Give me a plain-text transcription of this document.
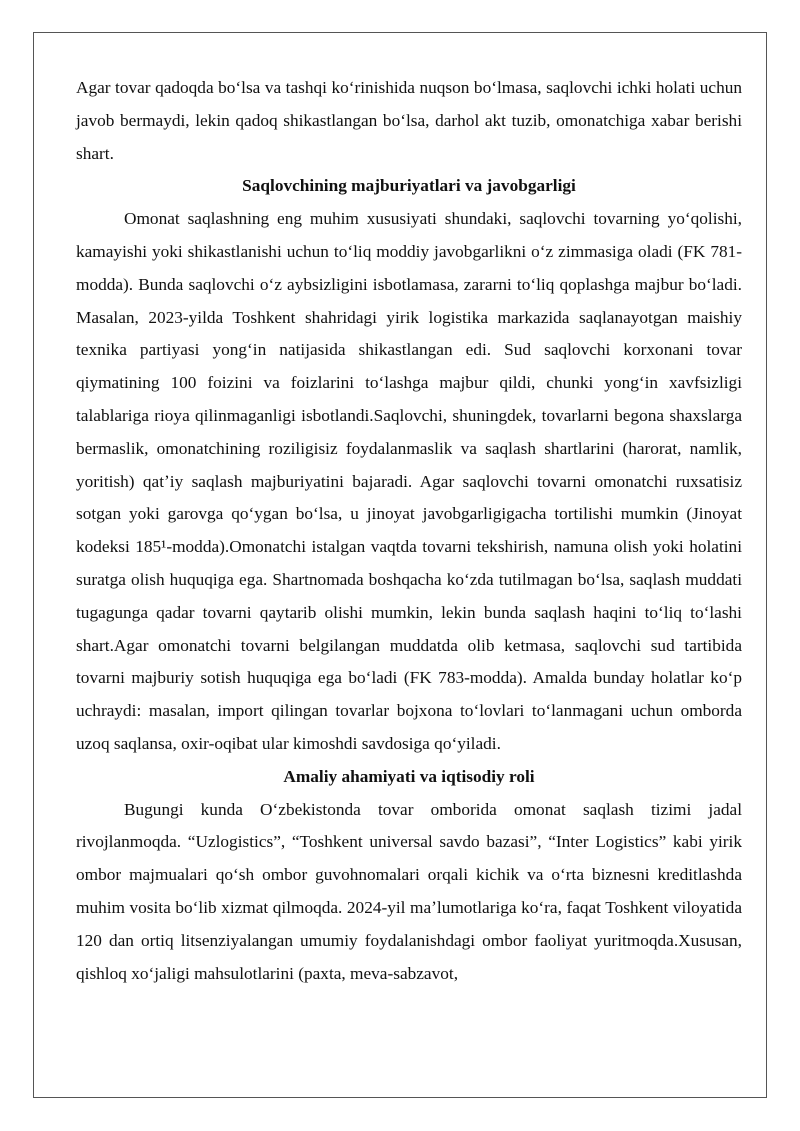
Agar tovar qadoqda boʻlsa va tashqi koʻrinishida nuqson boʻlmasa, saqlovchi ichki holati uchun javob bermaydi, lekin qadoq shikastlangan boʻlsa, darhol akt tuzib, omonatchiga xabar berishi shart.

Saqlovchining majburiyatlari va javobgarligi

Omonat saqlashning eng muhim xususiyati shundaki, saqlovchi tovarning yoʻqolishi, kamayishi yoki shikastlanishi uchun toʻliq moddiy javobgarlikni oʻz zimmasiga oladi (FK 781-modda). Bunda saqlovchi oʻz aybsizligini isbotlamasa, zararni toʻliq qoplashga majbur boʻladi. Masalan, 2023-yilda Toshkent shahridagi yirik logistika markazida saqlanayotgan maishiy texnika partiyasi yongʻin natijasida shikastlangan edi. Sud saqlovchi korxonani tovar qiymatining 100 foizini va foizlarini toʻlashga majbur qildi, chunki yongʻin xavfsizligi talablariga rioya qilinmaganligi isbotlandi.Saqlovchi, shuningdek, tovarlarni begona shaxslarga bermaslik, omonatchining roziligisiz foydalanmaslik va saqlash shartlarini (harorat, namlik, yoritish) qatʼiy saqlash majburiyatini bajaradi. Agar saqlovchi tovarni omonatchi ruxsatisiz sotgan yoki garovga qoʻygan boʻlsa, u jinoyat javobgarligigacha tortilishi mumkin (Jinoyat kodeksi 185¹-modda).Omonatchi istalgan vaqtda tovarni tekshirish, namuna olish yoki holatini suratga olish huquqiga ega. Shartnomada boshqacha koʻzda tutilmagan boʻlsa, saqlash muddati tugagunga qadar tovarni qaytarib olishi mumkin, lekin bunda saqlash haqini toʻliq toʻlashi shart.Agar omonatchi tovarni belgilangan muddatda olib ketmasa, saqlovchi sud tartibida tovarni majburiy sotish huquqiga ega boʻladi (FK 783-modda). Amalda bunday holatlar koʻp uchraydi: masalan, import qilingan tovarlar bojxona toʻlovlari toʻlanmagani uchun omborda uzoq saqlansa, oxir-oqibat ular kimoshdi savdosiga qoʻyiladi.

Amaliy ahamiyati va iqtisodiy roli

Bugungi kunda Oʻzbekistonda tovar omborida omonat saqlash tizimi jadal rivojlanmoqda. “Uzlogistics”, “Toshkent universal savdo bazasi”, “Inter Logistics” kabi yirik ombor majmualari qoʻsh ombor guvohnomalari orqali kichik va oʻrta biznesni kreditlashda muhim vosita boʻlib xizmat qilmoqda. 2024-yil maʼlumotlariga koʻra, faqat Toshkent viloyatida 120 dan ortiq litsenziyalangan umumiy foydalanishdagi ombor faoliyat yuritmoqda.Xususan, qishloq xoʻjaligi mahsulotlarini (paxta, meva-sabzavot,
